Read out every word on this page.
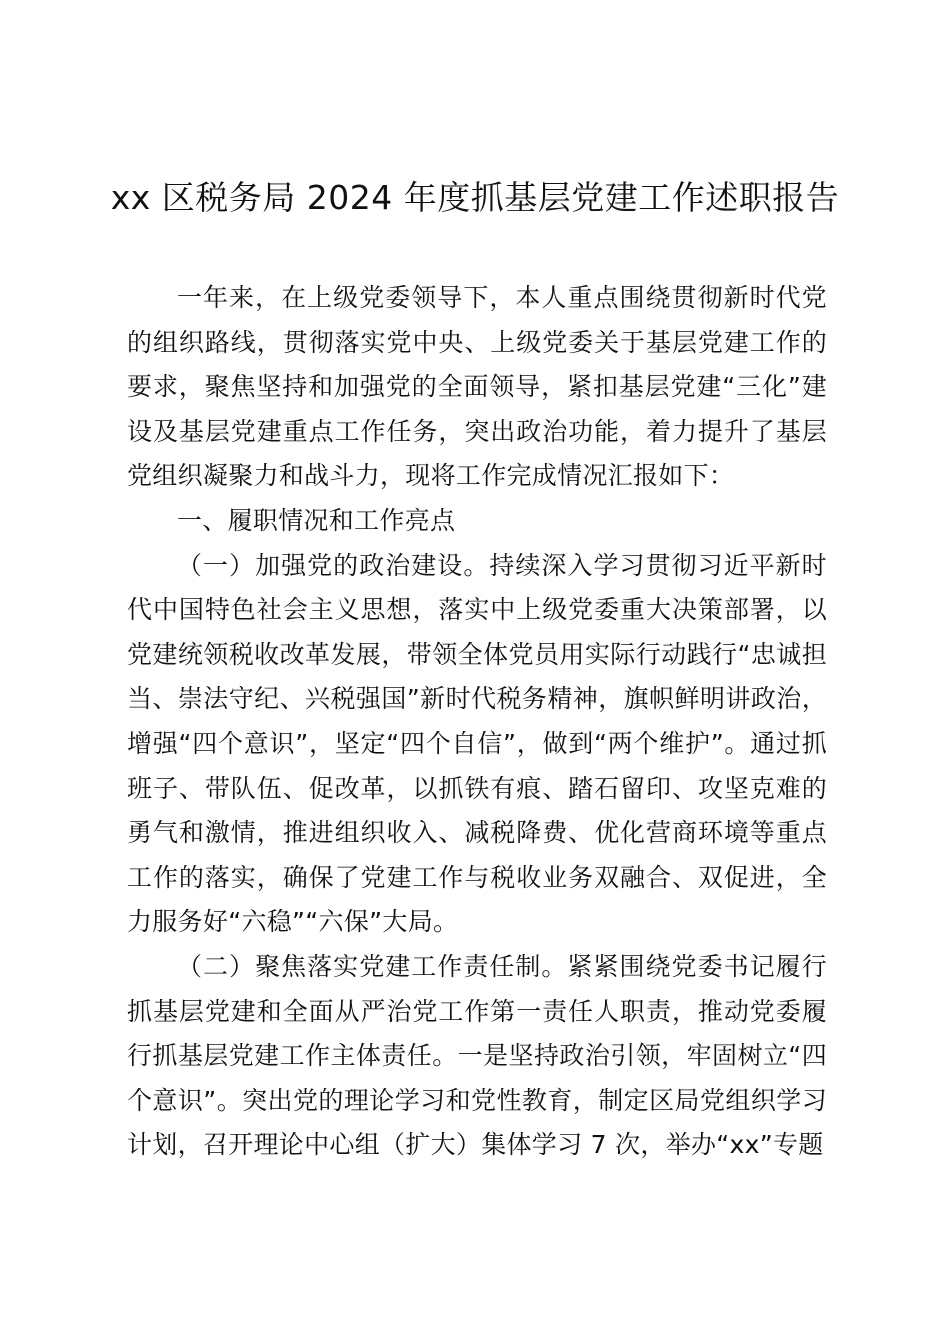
xx 区税务局 2024 年度抓基层党建工作述职报告

一年来，在上级党委领导下，本人重点围绕贯彻新时代党的组织路线，贯彻落实党中央、上级党委关于基层党建工作的要求，聚焦坚持和加强党的全面领导，紧扣基层党建“三化”建设及基层党建重点工作任务，突出政治功能，着力提升了基层党组织凝聚力和战斗力，现将工作完成情况汇报如下：

一、履职情况和工作亮点

（一）加强党的政治建设。持续深入学习贯彻习近平新时代中国特色社会主义思想，落实中上级党委重大决策部署，以党建统领税收改革发展，带领全体党员用实际行动践行“忠诚担当、崇法守纪、兴税强国”新时代税务精神，旗帜鲜明讲政治，增强“四个意识”，坚定“四个自信”，做到“两个维护”。通过抓班子、带队伍、促改革，以抓铁有痕、踏石留印、攻坚克难的勇气和激情，推进组织收入、减税降费、优化营商环境等重点工作的落实，确保了党建工作与税收业务双融合、双促进，全力服务好“六稳”“六保”大局。

（二）聚焦落实党建工作责任制。紧紧围绕党委书记履行抓基层党建和全面从严治党工作第一责任人职责，推动党委履行抓基层党建工作主体责任。一是坚持政治引领，牢固树立“四个意识”。突出党的理论学习和党性教育，制定区局党组织学习计划，召开理论中心组（扩大）集体学习 7 次，举办“xx”专题
